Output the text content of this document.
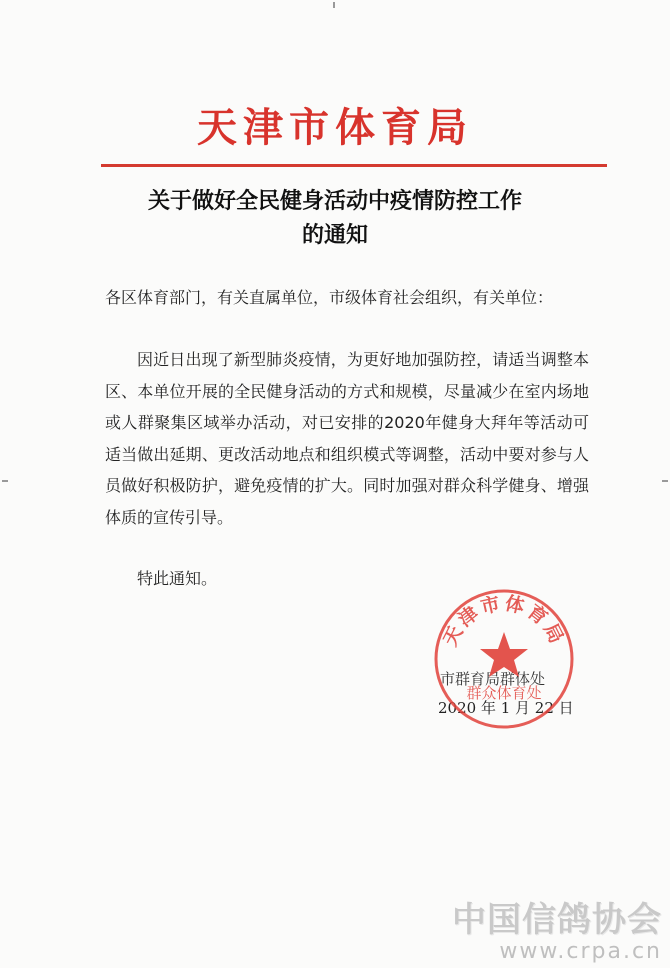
天津市体育局
关于做好全民健身活动中疫情防控工作
的通知
各区体育部门，有关直属单位，市级体育社会组织，有关单位：
因近日出现了新型肺炎疫情，为更好地加强防控，请适当调整本区、本单位开展的全民健身活动的方式和规模，尽量减少在室内场地或人群聚集区域举办活动，对已安排的2020年健身大拜年等活动可适当做出延期、更改活动地点和组织模式等调整，活动中要对参与人员做好积极防护，避免疫情的扩大。同时加强对群众科学健身、增强体质的宣传引导。
特此通知。
市群育局群体处
2020 年 1 月 22 日
天津市体育局
群众体育处
中国信鸽协会
www.crpa.cn
